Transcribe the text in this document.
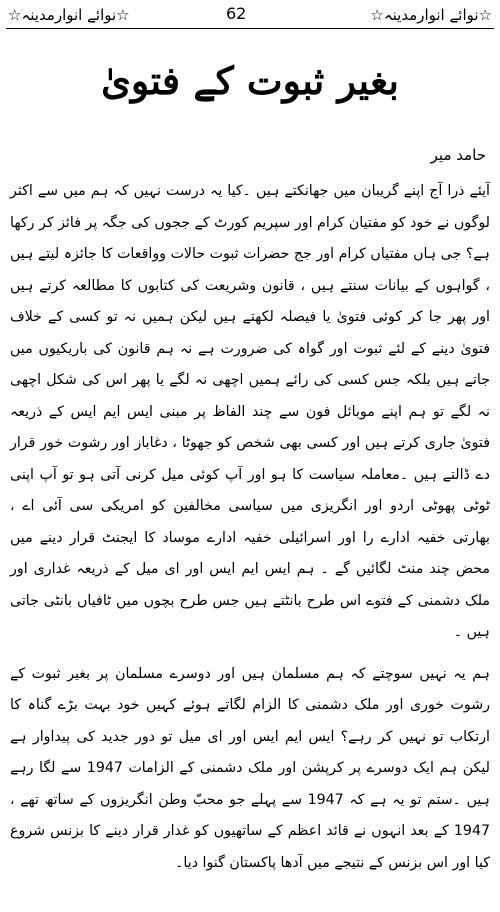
☆نوائے انوارمدینہ☆	62	☆نوائے انوارمدینہ☆
بغیر ثبوت کے فتویٰ
حامد میر

آیئے ذرا آج اپنے گریبان میں جھانکتے ہیں ۔کیا یہ درست نہیں کہ ہم میں سے اکثر لوگوں نے خود کو مفتیان کرام اور سپریم کورٹ کے ججوں کی جگہ پر فائز کر رکھا ہے؟ جی ہاں مفتیاں کرام اور جج حضرات ثبوت حالات وواقعات کا جائزہ لیتے ہیں ، گواہوں کے بیانات سنتے ہیں ، قانون وشریعت کی کتابوں کا مطالعہ کرتے ہیں اور پھر جا کر کوئی فتویٰ یا فیصلہ لکھتے ہیں لیکن ہمیں نہ تو کسی کے خلاف فتویٰ دینے کے لئے ثبوت اور گواہ کی ضرورت ہے نہ ہم قانون کی باریکیوں میں جاتے ہیں بلکہ جس کسی کی رائے ہمیں اچھی نہ لگے یا پھر اس کی شکل اچھی نہ لگے تو ہم اپنے موبائل فون سے چند الفاظ پر مبنی ایس ایم ایس کے ذریعہ فتویٰ جاری کرتے ہیں اور کسی بھی شخص کو جھوٹا ، دغاباز اور رشوت خور قرار دے ڈالتے ہیں ۔معاملہ سیاست کا ہو اور آپ کوئی میل کرنی آتی ہو تو آپ اپنی ٹوٹی پھوٹی اردو اور انگریزی میں سیاسی مخالفین کو امریکی سی آئی اے ، بھارتی خفیہ ادارے را اور اسرائیلی خفیہ ادارے موساد کا ایجنٹ قرار دینے میں محض چند منٹ لگائیں گے ۔ ہم ایس ایم ایس اور ای میل کے ذریعہ غداری اور ملک دشمنی کے فتوے اس طرح بانٹتے ہیں جس طرح بچوں میں ٹافیاں بانٹی جاتی ہیں ۔

ہم یہ نہیں سوچتے کہ ہم مسلمان ہیں اور دوسرے مسلمان پر بغیر ثبوت کے رشوت خوری اور ملک دشمنی کا الزام لگاتے ہوئے کہیں خود بہت بڑے گناہ کا ارتکاب تو نہیں کر رہے؟ ایس ایم ایس اور ای میل تو دور جدید کی پیداوار ہے لیکن ہم ایک دوسرے پر کرپشن اور ملک دشمنی کے الزامات 1947 سے لگا رہے ہیں ۔ستم تو یہ ہے کہ 1947 سے پہلے جو محبّ وطن انگریزوں کے ساتھ تھے ، 1947 کے بعد انہوں نے قائد اعظم کے ساتھیوں کو غدار قرار دینے کا بزنس شروع کیا اور اس بزنس کے نتیجے میں آدھا پاکستان گنوا دیا۔
